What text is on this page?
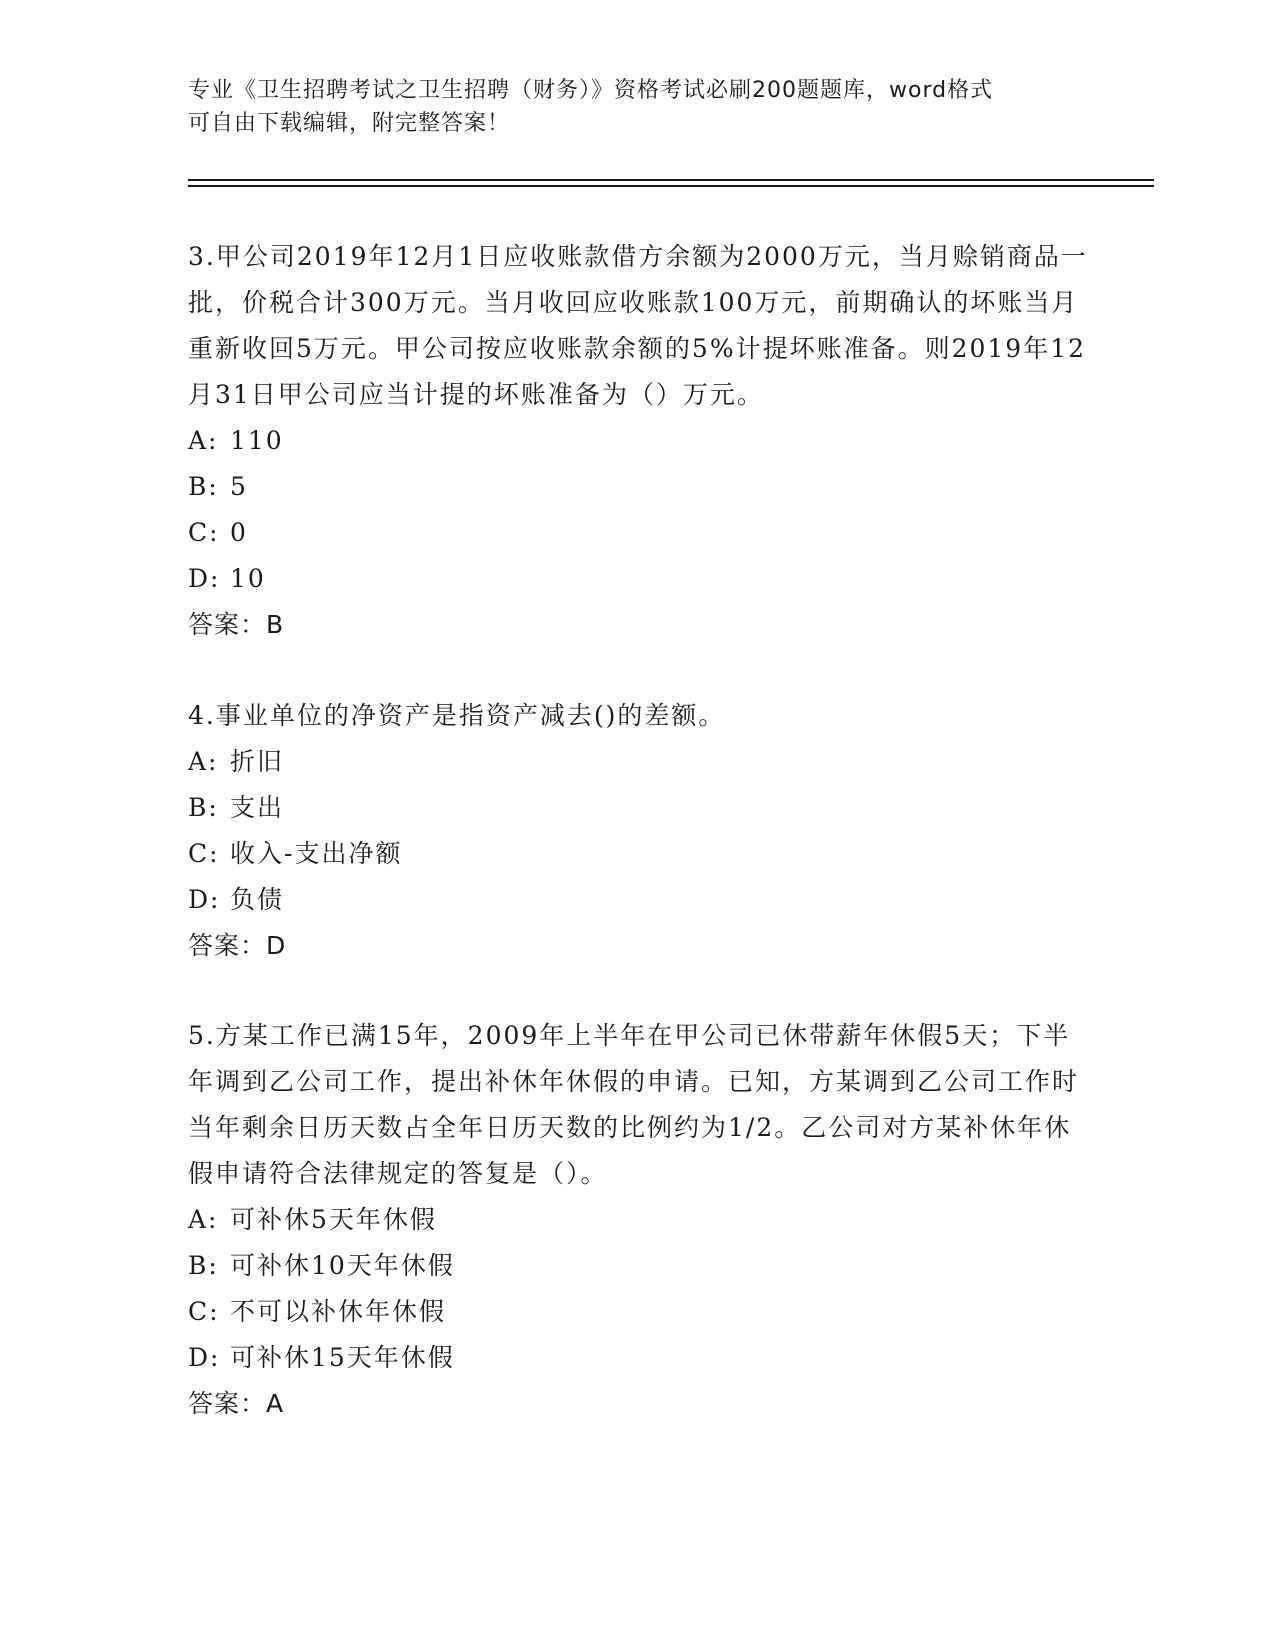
专业《卫生招聘考试之卫生招聘（财务）》资格考试必刷200题题库，word格式
可自由下载编辑，附完整答案！

3.甲公司2019年12月1日应收账款借方余额为2000万元，当月赊销商品一批，价税合计300万元。当月收回应收账款100万元，前期确认的坏账当月重新收回5万元。甲公司按应收账款余额的5%计提坏账准备。则2019年12月31日甲公司应当计提的坏账准备为（）万元。

A: 110

B: 5

C: 0

D: 10

答案：B

4.事业单位的净资产是指资产减去()的差额。

A: 折旧

B: 支出

C: 收入-支出净额

D: 负债

答案：D

5.方某工作已满15年，2009年上半年在甲公司已休带薪年休假5天；下半年调到乙公司工作，提出补休年休假的申请。已知，方某调到乙公司工作时当年剩余日历天数占全年日历天数的比例约为1/2。乙公司对方某补休年休假申请符合法律规定的答复是（）。

A: 可补休5天年休假

B: 可补休10天年休假

C: 不可以补休年休假

D: 可补休15天年休假

答案：A
